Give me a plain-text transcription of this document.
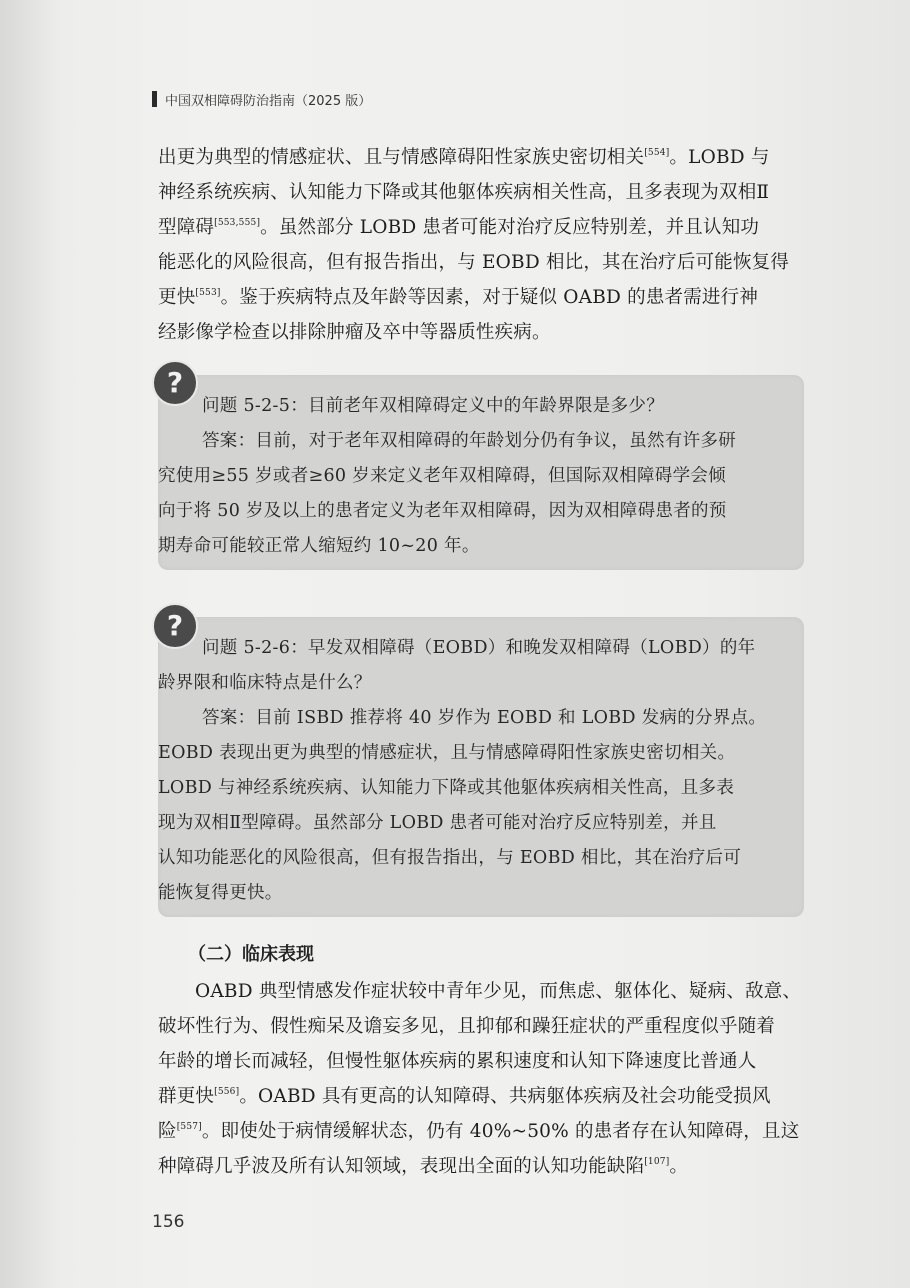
中国双相障碍防治指南（2025 版）
出更为典型的情感症状、且与情感障碍阳性家族史密切相关[554]。LOBD 与
神经系统疾病、认知能力下降或其他躯体疾病相关性高，且多表现为双相Ⅱ
型障碍[553,555]。虽然部分 LOBD 患者可能对治疗反应特别差，并且认知功
能恶化的风险很高，但有报告指出，与 EOBD 相比，其在治疗后可能恢复得
更快[553]。鉴于疾病特点及年龄等因素，对于疑似 OABD 的患者需进行神
经影像学检查以排除肿瘤及卒中等器质性疾病。
问题 5-2-5：目前老年双相障碍定义中的年龄界限是多少？
答案：目前，对于老年双相障碍的年龄划分仍有争议，虽然有许多研
究使用≥55 岁或者≥60 岁来定义老年双相障碍，但国际双相障碍学会倾
向于将 50 岁及以上的患者定义为老年双相障碍，因为双相障碍患者的预
期寿命可能较正常人缩短约 10~20 年。
?
问题 5-2-6：早发双相障碍（EOBD）和晚发双相障碍（LOBD）的年
龄界限和临床特点是什么？
答案：目前 ISBD 推荐将 40 岁作为 EOBD 和 LOBD 发病的分界点。
EOBD 表现出更为典型的情感症状，且与情感障碍阳性家族史密切相关。
LOBD 与神经系统疾病、认知能力下降或其他躯体疾病相关性高，且多表
现为双相Ⅱ型障碍。虽然部分 LOBD 患者可能对治疗反应特别差，并且
认知功能恶化的风险很高，但有报告指出，与 EOBD 相比，其在治疗后可
能恢复得更快。
?
（二）临床表现
OABD 典型情感发作症状较中青年少见，而焦虑、躯体化、疑病、敌意、
破坏性行为、假性痴呆及谵妄多见，且抑郁和躁狂症状的严重程度似乎随着
年龄的增长而减轻，但慢性躯体疾病的累积速度和认知下降速度比普通人
群更快[556]。OABD 具有更高的认知障碍、共病躯体疾病及社会功能受损风
险[557]。即使处于病情缓解状态，仍有 40%~50% 的患者存在认知障碍，且这
种障碍几乎波及所有认知领域，表现出全面的认知功能缺陷[107]。
156
